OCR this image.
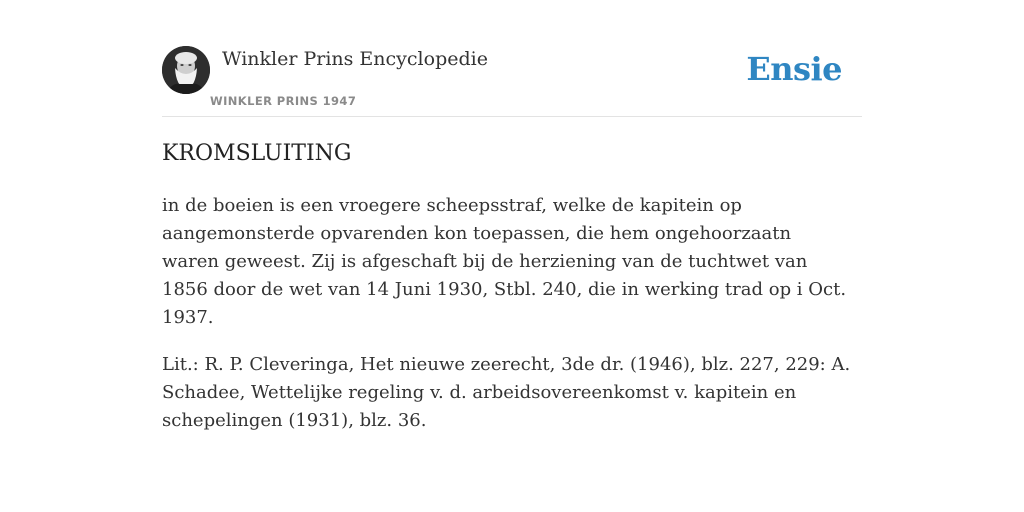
Winkler Prins Encyclopedie
WINKLER PRINS 1947
Ensie
KROMSLUITING

in de boeien is een vroegere scheepsstraf, welke de kapitein op aangemonsterde opvarenden kon toepassen, die hem ongehoorzaatn waren geweest. Zij is afgeschaft bij de herziening van de tuchtwet van 1856 door de wet van 14 Juni 1930, Stbl. 240, die in werking trad op i Oct. 1937.

Lit.: R. P. Cleveringa, Het nieuwe zeerecht, 3de dr. (1946), blz. 227, 229: A. Schadee, Wettelijke regeling v. d. arbeidsovereenkomst v. kapitein en schepelingen (1931), blz. 36.
